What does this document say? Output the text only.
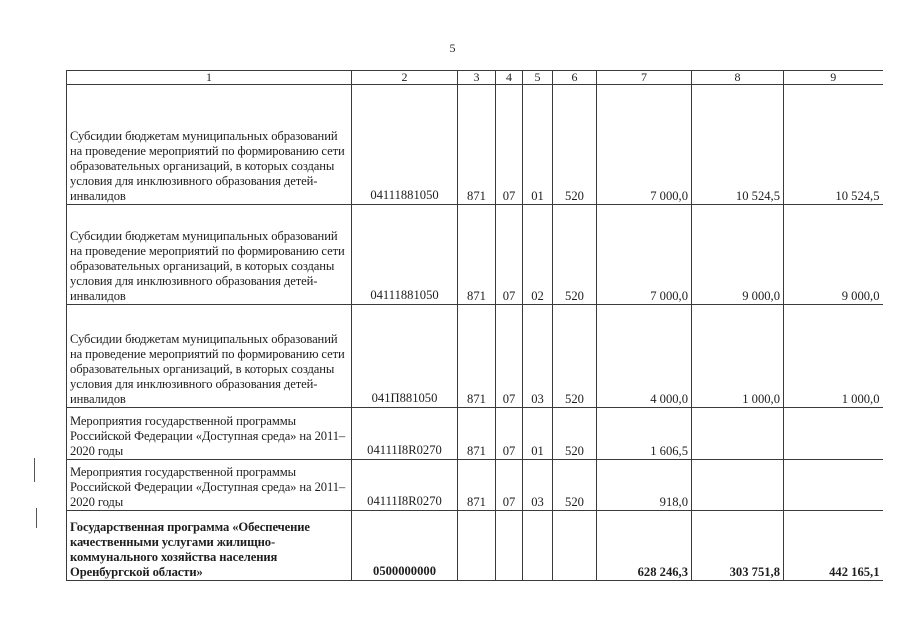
5
1	2	3	4	5	6	7	8	9
Субсидии бюджетам муниципальных образований на проведение мероприятий по формированию сети образовательных организаций, в которых созданы условия для инклюзивного образования детей-инвалидов	04111881050	871	07	01	520	7 000,0	10 524,5	10 524,5
Субсидии бюджетам муниципальных образований на проведение мероприятий по формированию сети образовательных организаций, в которых созданы условия для инклюзивного образования детей-инвалидов	04111881050	871	07	02	520	7 000,0	9 000,0	9 000,0
Субсидии бюджетам муниципальных образований на проведение мероприятий по формированию сети образовательных организаций, в которых созданы условия для инклюзивного образования детей-инвалидов	041П881050	871	07	03	520	4 000,0	1 000,0	1 000,0
Мероприятия государственной программы Российской Федерации «Доступная среда» на 2011–2020 годы	04111I8R0270	871	07	01	520	1 606,5		
Мероприятия государственной программы Российской Федерации «Доступная среда» на 2011–2020 годы	04111I8R0270	871	07	03	520	918,0		
Государственная программа «Обеспечение качественными услугами жилищно-коммунального хозяйства населения Оренбургской области»	0500000000					628 246,3	303 751,8	442 165,1
